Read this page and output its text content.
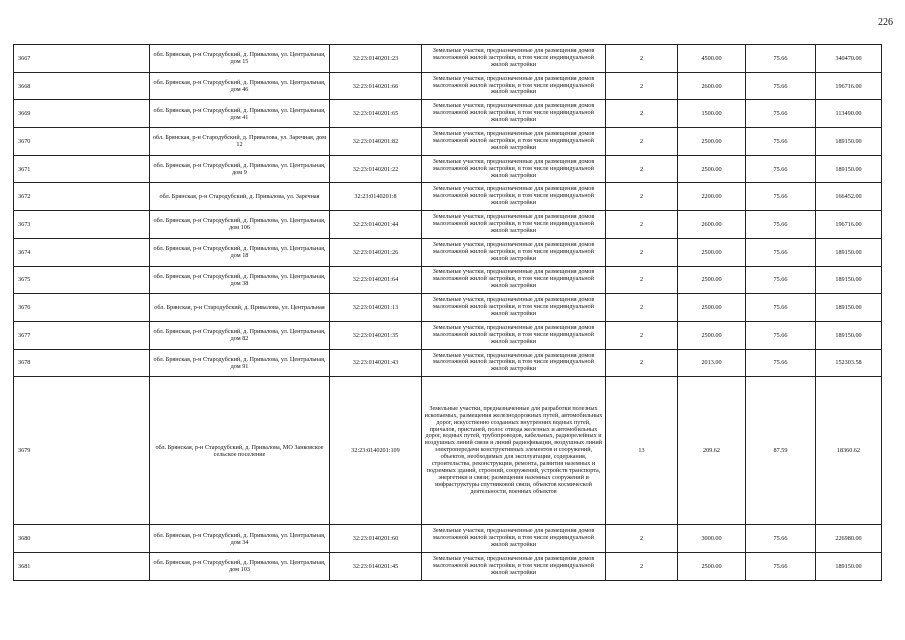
226
3667	обл. Брянская, р-н Стародубский, д. Привалова, ул. Центральная, дом 15	32:23:0140201:23	Земельные участки, предназначенные для размещения домов малоэтажной жилой застройки, в том числе индивидуальной жилой застройки	2	4500.00	75.66	340470.00
3668	обл. Брянская, р-н Стародубский, д. Привалова, ул. Центральная, дом 46	32:23:0140201:66	Земельные участки, предназначенные для размещения домов малоэтажной жилой застройки, в том числе индивидуальной жилой застройки	2	2600.00	75.66	196716.00
3669	обл. Брянская, р-н Стародубский, д. Привалова, ул. Центральная, дом 41	32:23:0140201:65	Земельные участки, предназначенные для размещения домов малоэтажной жилой застройки, в том числе индивидуальной жилой застройки	2	1500.00	75.66	113490.00
3670	обл. Брянская, р-н Стародубский, д. Привалова, ул. Заречная, дом 12	32:23:0140201:82	Земельные участки, предназначенные для размещения домов малоэтажной жилой застройки, в том числе индивидуальной жилой застройки	2	2500.00	75.66	189150.00
3671	обл. Брянская, р-н Стародубский, д. Привалова, ул. Центральная, дом 9	32:23:0140201:22	Земельные участки, предназначенные для размещения домов малоэтажной жилой застройки, в том числе индивидуальной жилой застройки	2	2500.00	75.66	189150.00
3672	обл. Брянская, р-н Стародубский, д. Привалова, ул. Заречная	32:23:0140201:8	Земельные участки, предназначенные для размещения домов малоэтажной жилой застройки, в том числе индивидуальной жилой застройки	2	2200.00	75.66	166452.00
3673	обл. Брянская, р-н Стародубский, д. Привалова, ул. Центральная, дом 106	32:23:0140201:44	Земельные участки, предназначенные для размещения домов малоэтажной жилой застройки, в том числе индивидуальной жилой застройки	2	2600.00	75.66	196716.00
3674	обл. Брянская, р-н Стародубский, д. Привалова, ул. Центральная, дом 18	32:23:0140201:26	Земельные участки, предназначенные для размещения домов малоэтажной жилой застройки, в том числе индивидуальной жилой застройки	2	2500.00	75.66	189150.00
3675	обл. Брянская, р-н Стародубский, д. Привалова, ул. Центральная, дом 38	32:23:0140201:64	Земельные участки, предназначенные для размещения домов малоэтажной жилой застройки, в том числе индивидуальной жилой застройки	2	2500.00	75.66	189150.00
3676	обл. Брянская, р-н Стародубский, д. Привалова, ул. Центральная	32:23:0140201:13	Земельные участки, предназначенные для размещения домов малоэтажной жилой застройки, в том числе индивидуальной жилой застройки	2	2500.00	75.66	189150.00
3677	обл. Брянская, р-н Стародубский, д. Привалова, ул. Центральная, дом 82	32:23:0140201:35	Земельные участки, предназначенные для размещения домов малоэтажной жилой застройки, в том числе индивидуальной жилой застройки	2	2500.00	75.66	189150.00
3678	обл. Брянская, р-н Стародубский, д. Привалова, ул. Центральная, дом 91	32:23:0140201:43	Земельные участки, предназначенные для размещения домов малоэтажной жилой застройки, в том числе индивидуальной жилой застройки	2	2013.00	75.66	152303.58
3679	обл. Брянская, р-н Стародубский, д. Привалова, МО Занковское сельское поселение	32:23:0140201:109	Земельные участки, предназначенные для разработки полезных ископаемых, размещения железнодорожных путей, автомобильных дорог, искусственно созданных внутренних водных путей, причалов, пристаней, полос отвода железных и автомобильных дорог, водных путей, трубопроводов, кабельных, радиорелейных и воздушных линий связи и линий радиофикации, воздушных линий электропередачи конструктивных элементов и сооружений, объектов, необходимых для эксплуатации, содержания, строительства, реконструкции, ремонта, развития наземных и подземных зданий, строений, сооружений, устройств транспорта, энергетики и связи; размещения наземных сооружений и инфраструктуры спутниковой связи, объектов космической деятельности, военных объектов	13	209.62	87.59	18360.62
3680	обл. Брянская, р-н Стародубский, д. Привалова, ул. Центральная, дом 34	32:23:0140201:60	Земельные участки, предназначенные для размещения домов малоэтажной жилой застройки, в том числе индивидуальной жилой застройки	2	3000.00	75.66	226980.00
3681	обл. Брянская, р-н Стародубский, д. Привалова, ул. Центральная, дом 103	32:23:0140201:45	Земельные участки, предназначенные для размещения домов малоэтажной жилой застройки, в том числе индивидуальной жилой застройки	2	2500.00	75.66	189150.00
